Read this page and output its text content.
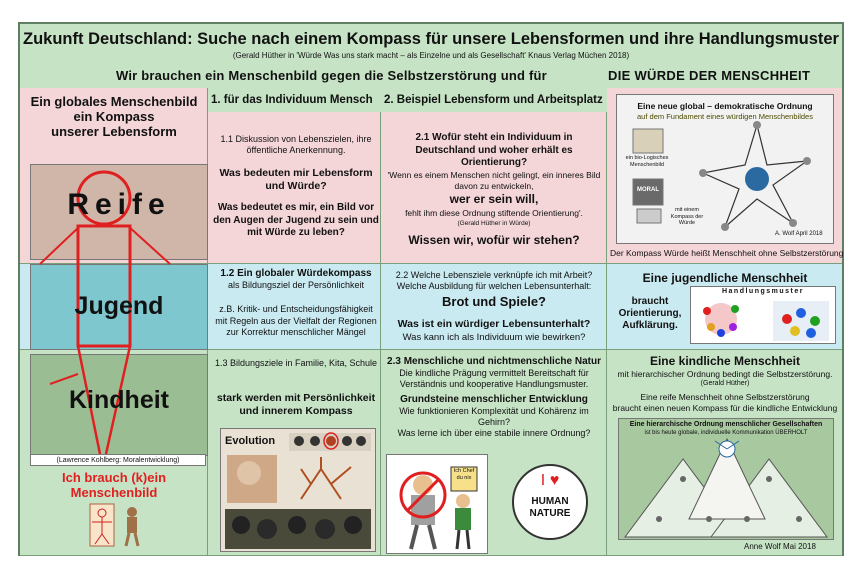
Zukunft Deutschland: Suche nach einem Kompass für unsere Lebensformen und ihre Handlungsmuster
(Gerald Hüther in 'Würde Was uns stark macht – als Einzelne und als Gesellschaft' Knaus Verlag Müchen 2018)
Wir brauchen ein Menschenbild gegen die Selbstzerstörung und für	DIE WÜRDE DER MENSCHHEIT
Ein globales Menschenbild
ein Kompass
unserer Lebensform
Reife
Jugend
Kindheit
(Lawrence Kohlberg: Moralentwicklung)
Ich brauch (k)ein
Menschenbild
1. für das Individuum Mensch
1.1 Diskussion von Lebenszielen, ihre öffentliche Anerkennung.
Was bedeuten mir Lebensform und Würde?
Was bedeutet es mir, ein Bild vor den Augen der Jugend zu sein und mit Würde zu leben?
1.2 Ein globaler Würdekompass
als Bildungsziel der Persönlichkeit
z.B. Kritik- und Entscheidungsfähigkeit mit Regeln aus der Vielfalt der Regionen zur Korrektur menschlicher Mängel
1.3 Bildungsziele in Familie, Kita, Schule
stark werden mit Persönlichkeit und innerem Kompass
Evolution
2. Beispiel Lebensform und Arbeitsplatz
2.1 Wofür steht ein Individuum in Deutschland und woher erhält es Orientierung?
'Wenn es einem Menschen nicht gelingt, ein inneres Bild davon zu entwickeln,
wer er sein will,
fehlt ihm diese Ordnung stiftende Orientierung'.
(Gerald Hüther in Würde)
Wissen wir, wofür wir stehen?
2.2 Welche Lebensziele verknüpfe ich mit Arbeit?
Welche Ausbildung für welchen Lebensunterhalt:
Brot und Spiele?
Was ist ein würdiger Lebensunterhalt?
Was kann ich als Individuum wie bewirken?
2.3 Menschliche und nichtmenschliche Natur
Die kindliche Prägung vermittelt Bereitschaft für Verständnis und kooperative Handlungsmuster.
Grundsteine menschlicher Entwicklung
Wie funktionieren Komplexität und Kohärenz im Gehirn?
Was lerne ich über eine stabile innere Ordnung?
Ich Chef du nix	I ♥
HUMAN
NATURE
Eine neue global – demokratische Ordnung
auf dem Fundament eines würdigen Menschenbildes
ein bio-Logisches Menschenbild
MORAL
mit einem Kompass der Würde
A. Wolf April 2018
Der Kompass Würde heißt Menschheit ohne Selbstzerstörung
Eine jugendliche Menschheit
braucht Orientierung, Aufklärung.
Handlungsmuster
Eine kindliche Menschheit
mit hierarchischer Ordnung bedingt die Selbstzerstörung.
(Gerald Hüther)
Eine reife Menschheit ohne Selbstzerstörung
braucht einen neuen Kompass für die kindliche Entwicklung
Eine hierarchische Ordnung menschlicher Gesellschaften
ist bis heute globale, individuelle Kommunikation ÜBERHOLT
Anne Wolf Mai 2018
